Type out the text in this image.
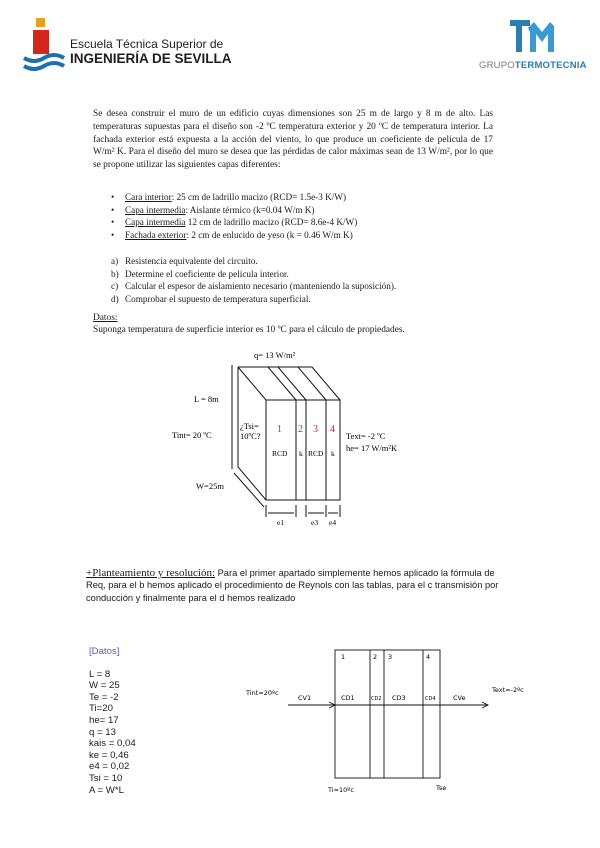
Escuela Técnica Superior de
INGENIERÍA DE SEVILLA	GRUPOTERMOTECNIA
Se desea construir el muro de un edificio cuyas dimensiones son 25 m de largo y 8 m de alto. Las temperaturas supuestas para el diseño son -2 ºC temperatura exterior y 20 ºC de temperatura interior. La fachada exterior está expuesta a la acción del viento, lo que produce un coeficiente de película de 17 W/m² K. Para el diseño del muro se desea que las pérdidas de calor máximas sean de 13 W/m², por lo que se propone utilizar las siguientes capas diferentes:
• Cara interior: 25 cm de ladrillo macizo (RCD= 1.5e-3 K/W)
• Capa intermedia: Aislante térmico (k=0.04 W/m K)
• Capa intermedia 12 cm de ladrillo macizo (RCD= 8.6e-4 K/W)
• Fachada exterior: 2 cm de enlucido de yeso (k = 0.46 W/m K)
a) Resistencia equivalente del circuito.
b) Determine el coeficiente de película interior.
c) Calcular el espesor de aislamiento necesario (manteniendo la suposición).
d) Comprobar el supuesto de temperatura superficial.
Datos:
Suponga temperatura de superficie interior es 10 ºC para el cálculo de propiedades.
q= 13 W/m²
L = 8m
Tint= 20 ºC
¿Tsi=
10ºC?
1 2 3 4
RCD k RCD k
Text= -2 ºC
he= 17 W/m²K
W=25m
e1	e3 e4
+Planteamiento y resolución: Para el primer apartado simplemente hemos aplicado la fórmula de Req, para el b hemos aplicado el procedimiento de Reynols con las tablas, para el c transmisión por conducción y finalmente para el d hemos realizado
[Datos]
L = 8
W = 25
Te = -2
Ti=20
he= 17
q = 13
kais = 0,04
ke = 0,46
e4 = 0,02
Tsi = 10
A = W*L
Tint=20ºc
CV1	CD1	CD2 CD3	CD4	CVe
Text=-2ºc
Ti=10ºc	Tse
1	2 3	4
